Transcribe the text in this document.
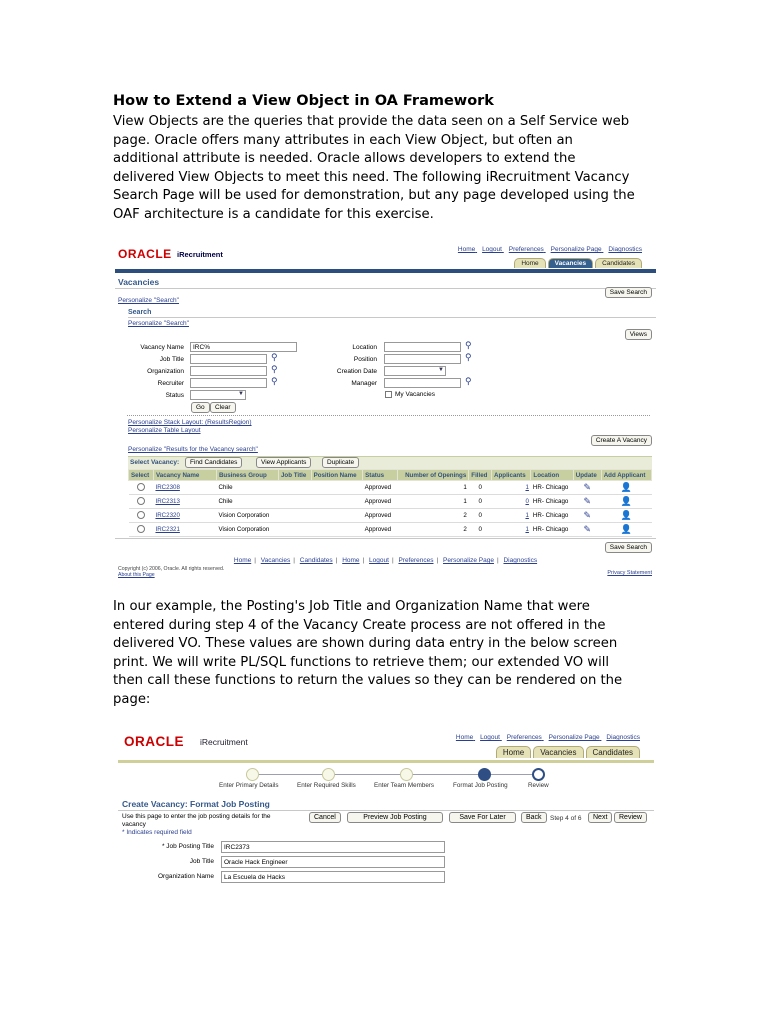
How to Extend a View Object in OA Framework
View Objects are the queries that provide the data seen on a Self Service web
page. Oracle offers many attributes in each View Object, but often an
additional attribute is needed. Oracle allows developers to extend the
delivered View Objects to meet this need. The following iRecruitment Vacancy
Search Page will be used for demonstration, but any page developed using the
OAF architecture is a candidate for this exercise.
ORACLE iRecruitment
Home Logout Preferences Personalize Page Diagnostics
Home	Vacancies	Candidates
Vacancies
Save Search
Personalize "Search"
Search
Personalize "Search"
Views
Vacancy Name	IRC%
Job Title	⚲
Organization	⚲
Recruiter	⚲
Status	▼
Go	Clear
Location	⚲
Position	⚲
Creation Date	▼
Manager	⚲
My Vacancies
Personalize Stack Layout: (ResultsRegion)
Personalize Table Layout
Create A Vacancy
Personalize "Results for the Vacancy search"
Select Vacancy:	Find Candidates	View Applicants	Duplicate
Select	Vacancy Name	Business Group	Job Title	Position Name	Status	Number of Openings	Filled	Applicants	Location	Update	Add Applicant
	IRC2308	Chile			Approved	1	0	1	HR- Chicago	✎	👤
	IRC2313	Chile			Approved	1	0	0	HR- Chicago	✎	👤
	IRC2320	Vision Corporation			Approved	2	0	1	HR- Chicago	✎	👤
	IRC2321	Vision Corporation			Approved	2	0	1	HR- Chicago	✎	👤
Save Search
Home | Vacancies | Candidates | Home | Logout | Preferences | Personalize Page | Diagnostics
Copyright (c) 2006, Oracle. All rights reserved.
About this Page	Privacy Statement
In our example, the Posting's Job Title and Organization Name that were
entered during step 4 of the Vacancy Create process are not offered in the
delivered VO. These values are shown during data entry in the below screen
print. We will write PL/SQL functions to retrieve them; our extended VO will
then call these functions to return the values so they can be rendered on the
page:
ORACLE iRecruitment	Home Logout Preferences Personalize Page Diagnostics
Home	Vacancies	Candidates
Enter Primary Details	Enter Required Skills	Enter Team Members	Format Job Posting	Review
Create Vacancy: Format Job Posting
Use this page to enter the job posting details for the
vacancy
* Indicates required field
Cancel	Preview Job Posting	Save For Later	Back	Step 4 of 6	Next	Review
* Job Posting Title	IRC2373
Job Title	Oracle Hack Engineer
Organization Name	La Escuela de Hacks
